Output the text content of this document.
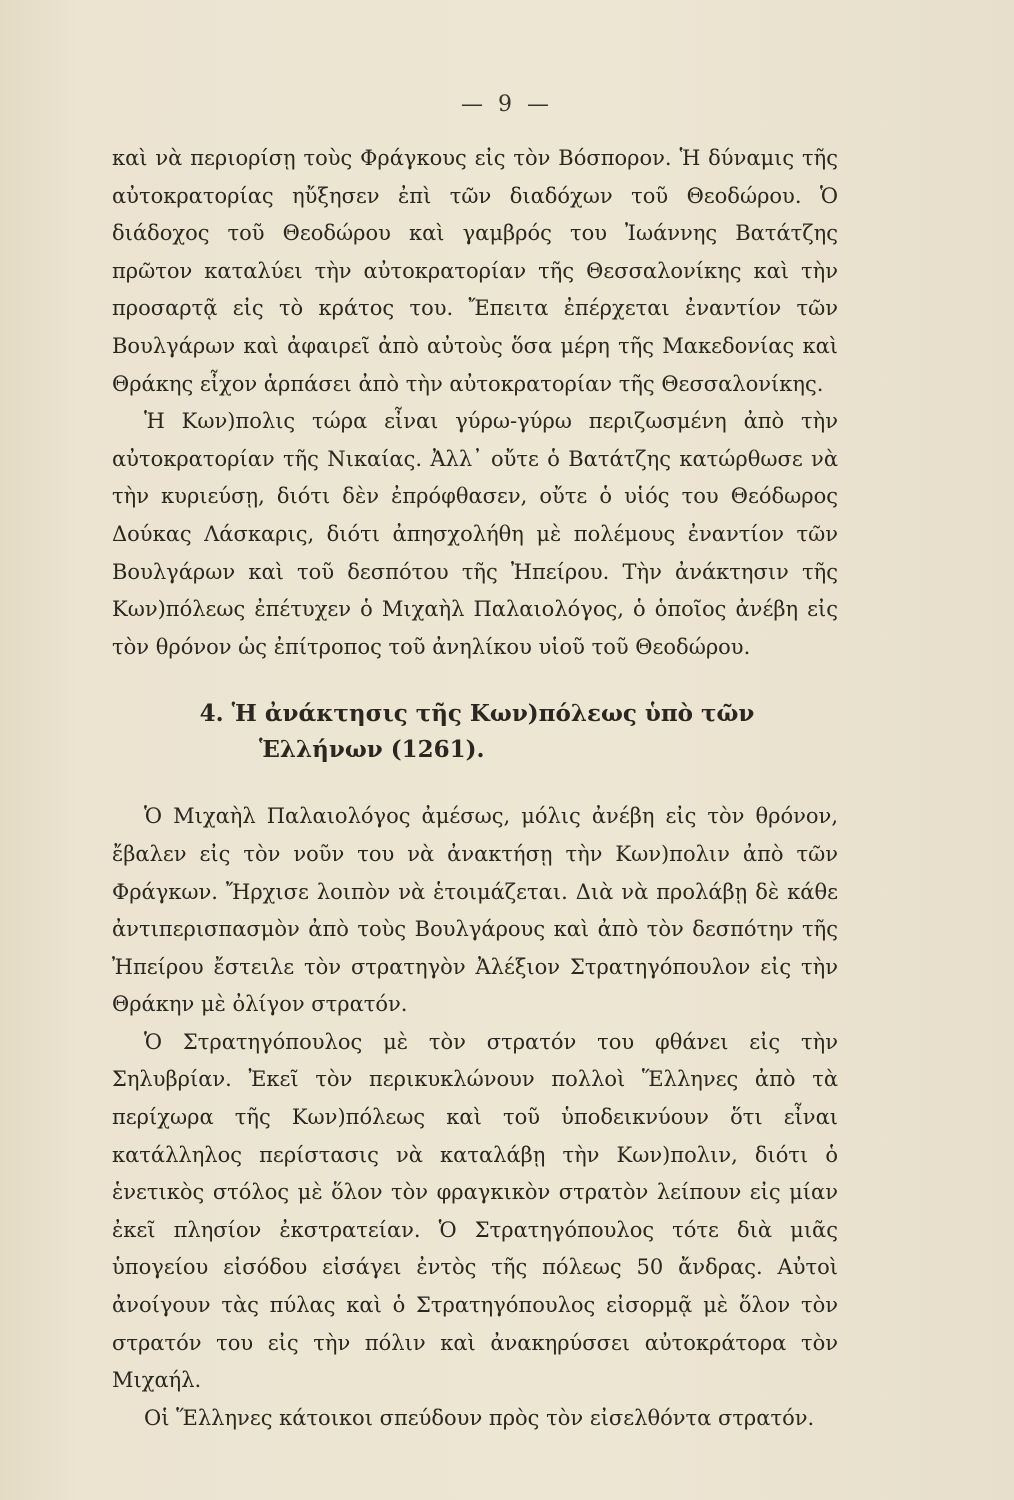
— 9 —

καὶ νὰ περιορίσῃ τοὺς Φράγκους εἰς τὸν Βόσπορον. Ἡ δύναμις τῆς αὐτοκρατορίας ηὔξησεν ἐπὶ τῶν διαδόχων τοῦ Θεοδώρου. Ὁ διάδοχος τοῦ Θεοδώρου καὶ γαμβρός του Ἰωάννης Βατάτζης πρῶτον καταλύει τὴν αὐτοκρατορίαν τῆς Θεσσαλονίκης καὶ τὴν προσαρτᾷ εἰς τὸ κράτος του. Ἔπειτα ἐπέρχεται ἐναντίον τῶν Βουλγάρων καὶ ἀφαιρεῖ ἀπὸ αὐτοὺς ὅσα μέρη τῆς Μακεδονίας καὶ Θράκης εἶχον ἁρπάσει ἀπὸ τὴν αὐτοκρατορίαν τῆς Θεσσαλονίκης.

Ἡ Κων)πολις τώρα εἶναι γύρω-γύρω περιζωσμένη ἀπὸ τὴν αὐτοκρατορίαν τῆς Νικαίας. Ἀλλ᾽ οὔτε ὁ Βατάτζης κατώρθωσε νὰ τὴν κυριεύσῃ, διότι δὲν ἐπρόφθασεν, οὔτε ὁ υἱός του Θεόδωρος Δούκας Λάσκαρις, διότι ἀπησχολήθη μὲ πολέμους ἐναντίον τῶν Βουλγάρων καὶ τοῦ δεσπότου τῆς Ἠπείρου. Τὴν ἀνάκτησιν τῆς Κων)πόλεως ἐπέτυχεν ὁ Μιχαὴλ Παλαιολόγος, ὁ ὁποῖος ἀνέβη εἰς τὸν θρόνον ὡς ἐπίτροπος τοῦ ἀνηλίκου υἱοῦ τοῦ Θεοδώρου.

4. Ἡ ἀνάκτησις τῆς Κων)πόλεως ὑπὸ τῶν
Ἑλλήνων (1261).

Ὁ Μιχαὴλ Παλαιολόγος ἀμέσως, μόλις ἀνέβη εἰς τὸν θρόνον, ἔβαλεν εἰς τὸν νοῦν του νὰ ἀνακτήσῃ τὴν Κων)πολιν ἀπὸ τῶν Φράγκων. Ἤρχισε λοιπὸν νὰ ἑτοιμάζεται. Διὰ νὰ προλάβῃ δὲ κάθε ἀντιπερισπασμὸν ἀπὸ τοὺς Βουλγάρους καὶ ἀπὸ τὸν δεσπότην τῆς Ἠπείρου ἔστειλε τὸν στρατηγὸν Ἀλέξιον Στρατηγόπουλον εἰς τὴν Θράκην μὲ ὀλίγον στρατόν.

Ὁ Στρατηγόπουλος μὲ τὸν στρατόν του φθάνει εἰς τὴν Σηλυβρίαν. Ἐκεῖ τὸν περικυκλώνουν πολλοὶ Ἕλληνες ἀπὸ τὰ περίχωρα τῆς Κων)πόλεως καὶ τοῦ ὑποδεικνύουν ὅτι εἶναι κατάλληλος περίστασις νὰ καταλάβῃ τὴν Κων)πολιν, διότι ὁ ἑνετικὸς στόλος μὲ ὅλον τὸν φραγκικὸν στρατὸν λείπουν εἰς μίαν ἐκεῖ πλησίον ἐκστρατείαν. Ὁ Στρατηγόπουλος τότε διὰ μιᾶς ὑπογείου εἰσόδου εἰσάγει ἐντὸς τῆς πόλεως 50 ἄνδρας. Αὐτοὶ ἀνοίγουν τὰς πύλας καὶ ὁ Στρατηγόπουλος εἰσορμᾷ μὲ ὅλον τὸν στρατόν του εἰς τὴν πόλιν καὶ ἀνακηρύσσει αὐτοκράτορα τὸν Μιχαήλ.

Οἱ Ἕλληνες κάτοικοι σπεύδουν πρὸς τὸν εἰσελθόντα στρατόν.
